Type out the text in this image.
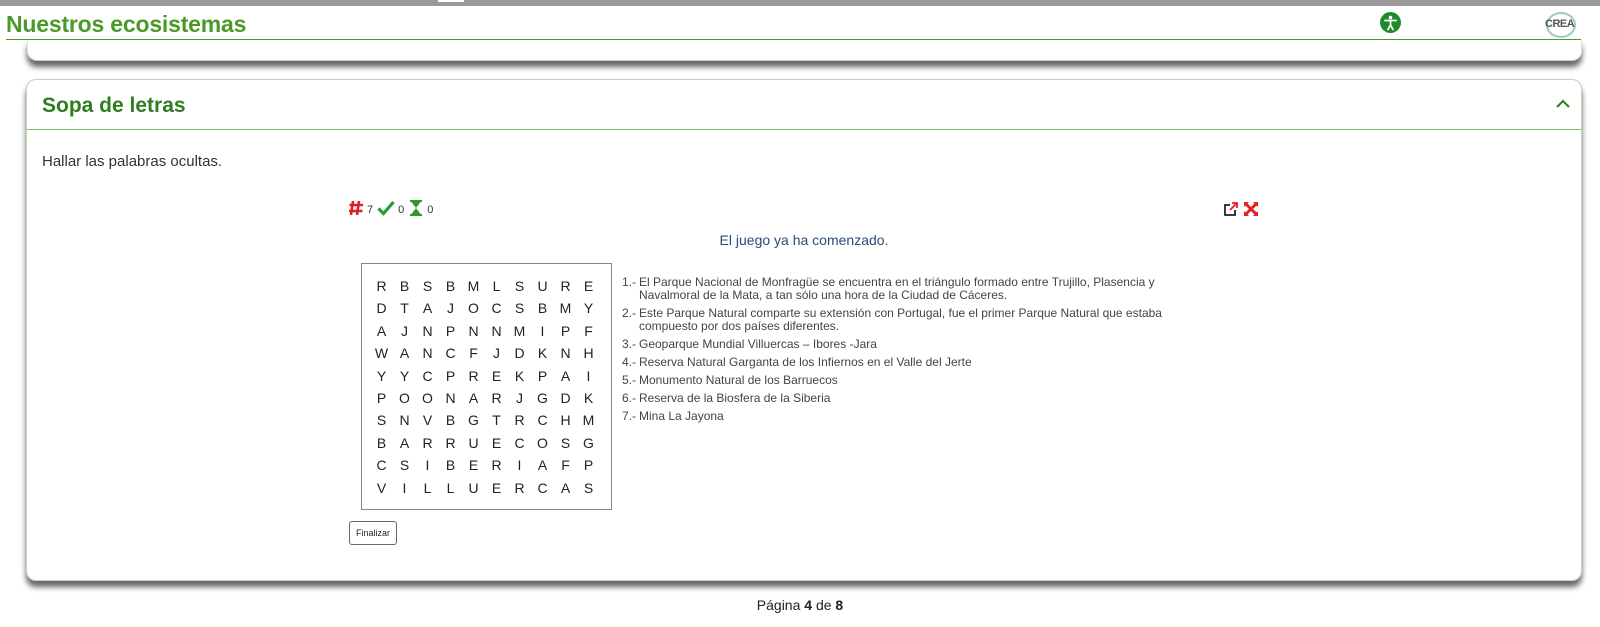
Nuestros ecosistemas	CREA
Sopa de letras
Hallar las palabras ocultas.
7 0 0
El juego ya ha comenzado.
R B S B M L	S U R E
D T	A	J	O C S B M Y
A	J	N P N N M	I	P	F
W A N C F	J	D K N H
Y Y C P R E K P A	I
P O O N A R	J	G D K
S N V B G T R C H M
B A R R U E C O S G
C S	I	B E R	I	A	F	P
V	I	L	L	U E R C A S
1.- El Parque Nacional de Monfragüe se encuentra en el triángulo formado entre Trujillo, Plasencia y Navalmoral de la Mata, a tan sólo una hora de la Ciudad de Cáceres.
2.- Este Parque Natural comparte su extensión con Portugal, fue el primer Parque Natural que estaba compuesto por dos países diferentes.
3.- Geoparque Mundial Villuercas – Ibores -Jara
4.- Reserva Natural Garganta de los Infiernos en el Valle del Jerte
5.- Monumento Natural de los Barruecos
6.- Reserva de la Biosfera de la Siberia
7.- Mina La Jayona
Finalizar
Página 4 de 8
